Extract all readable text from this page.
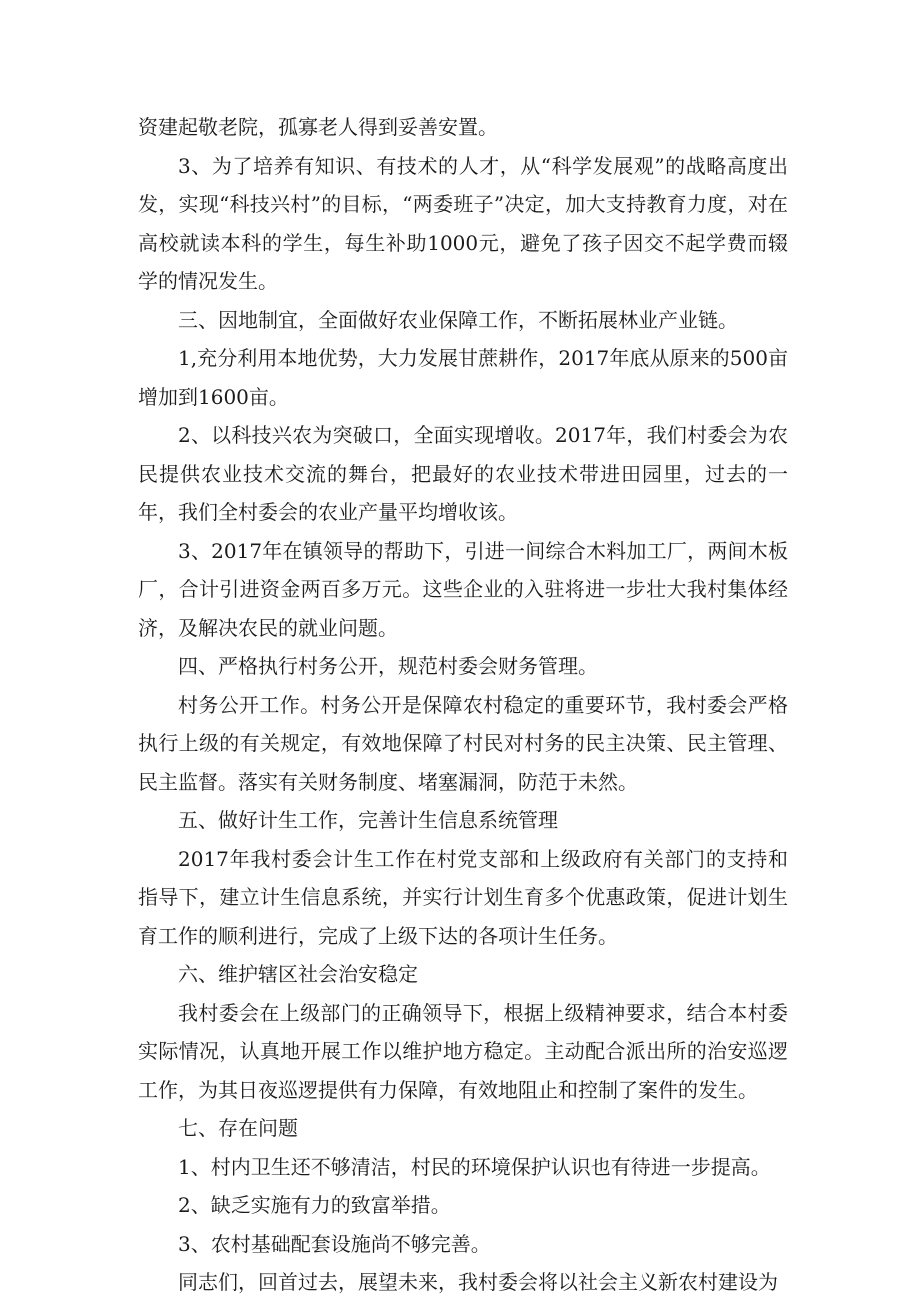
资建起敬老院，孤寡老人得到妥善安置。

3、为了培养有知识、有技术的人才，从“科学发展观”的战略高度出发，实现“科技兴村”的目标，“两委班子”决定，加大支持教育力度，对在高校就读本科的学生，每生补助1000元，避免了孩子因交不起学费而辍学的情况发生。

三、因地制宜，全面做好农业保障工作，不断拓展林业产业链。

1,充分利用本地优势，大力发展甘蔗耕作，2017年底从原来的500亩增加到1600亩。

2、以科技兴农为突破口，全面实现增收。2017年，我们村委会为农民提供农业技术交流的舞台，把最好的农业技术带进田园里，过去的一年，我们全村委会的农业产量平均增收该。

3、2017年在镇领导的帮助下，引进一间综合木料加工厂，两间木板厂，合计引进资金两百多万元。这些企业的入驻将进一步壮大我村集体经济，及解决农民的就业问题。

四、严格执行村务公开，规范村委会财务管理。

村务公开工作。村务公开是保障农村稳定的重要环节，我村委会严格执行上级的有关规定，有效地保障了村民对村务的民主决策、民主管理、民主监督。落实有关财务制度、堵塞漏洞，防范于未然。

五、做好计生工作，完善计生信息系统管理

2017年我村委会计生工作在村党支部和上级政府有关部门的支持和指导下，建立计生信息系统，并实行计划生育多个优惠政策，促进计划生育工作的顺利进行，完成了上级下达的各项计生任务。

六、维护辖区社会治安稳定

我村委会在上级部门的正确领导下，根据上级精神要求，结合本村委实际情况，认真地开展工作以维护地方稳定。主动配合派出所的治安巡逻工作，为其日夜巡逻提供有力保障，有效地阻止和控制了案件的发生。

七、存在问题

1、村内卫生还不够清洁，村民的环境保护认识也有待进一步提高。

2、缺乏实施有力的致富举措。

3、农村基础配套设施尚不够完善。

同志们，回首过去，展望未来，我村委会将以社会主义新农村建设为
